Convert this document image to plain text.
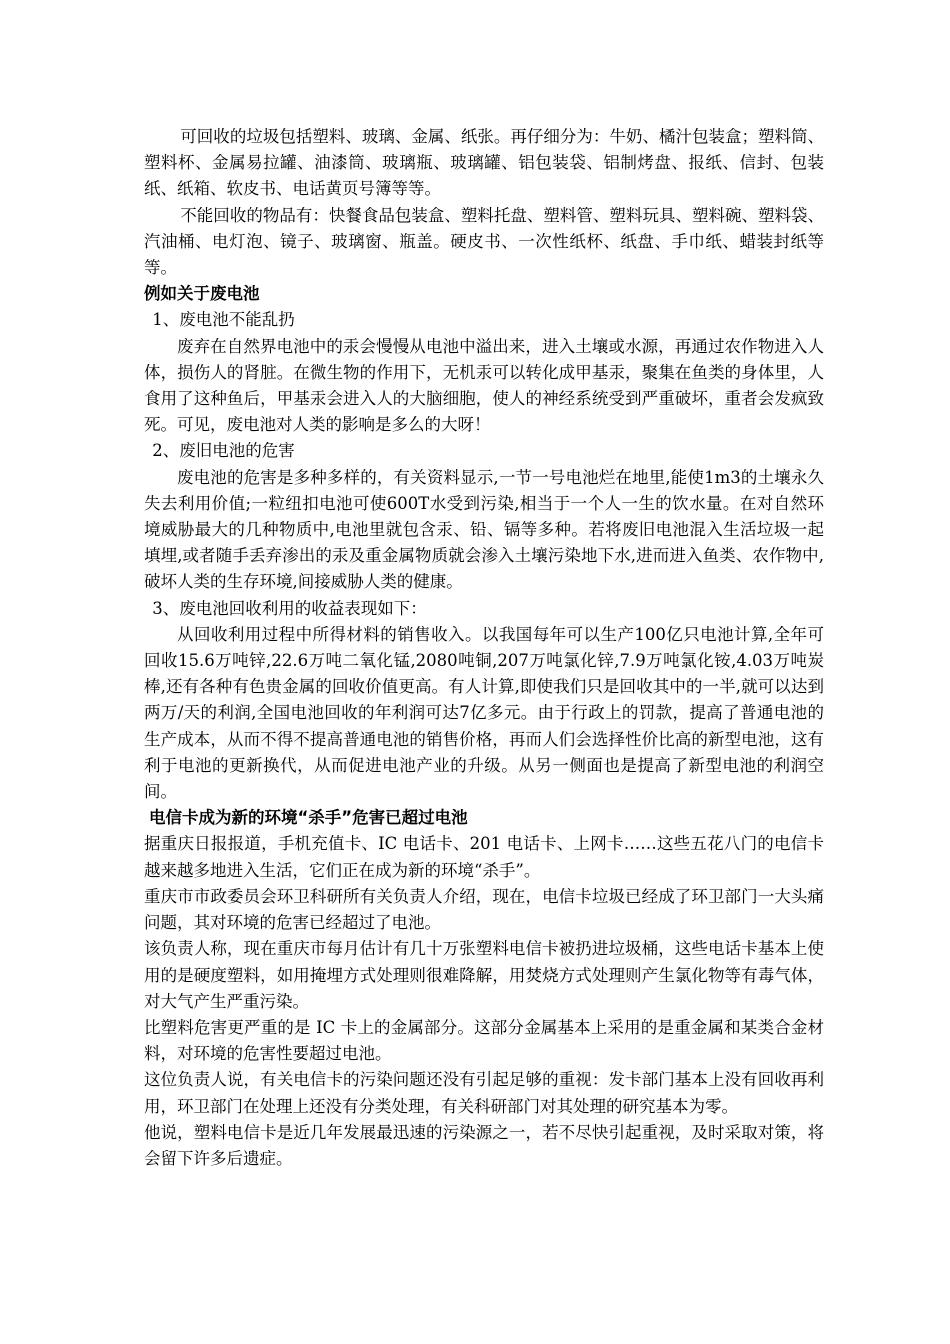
可回收的垃圾包括塑料、玻璃、金属、纸张。再仔细分为：牛奶、橘汁包装盒；塑料筒、塑料杯、金属易拉罐、油漆筒、玻璃瓶、玻璃罐、铝包装袋、铝制烤盘、报纸、信封、包装纸、纸箱、软皮书、电话黄页号簿等等。

不能回收的物品有：快餐食品包装盒、塑料托盘、塑料管、塑料玩具、塑料碗、塑料袋、汽油桶、电灯泡、镜子、玻璃窗、瓶盖。硬皮书、一次性纸杯、纸盘、手巾纸、蜡装封纸等等。

例如关于废电池

1、废电池不能乱扔

废弃在自然界电池中的汞会慢慢从电池中溢出来，进入土壤或水源，再通过农作物进入人体，损伤人的肾脏。在微生物的作用下，无机汞可以转化成甲基汞，聚集在鱼类的身体里，人食用了这种鱼后，甲基汞会进入人的大脑细胞，使人的神经系统受到严重破坏，重者会发疯致死。可见，废电池对人类的影响是多么的大呀！

2、废旧电池的危害

废电池的危害是多种多样的，有关资料显示,一节一号电池烂在地里,能使1m3的土壤永久失去利用价值;一粒纽扣电池可使600T水受到污染,相当于一个人一生的饮水量。在对自然环境威胁最大的几种物质中,电池里就包含汞、铅、镉等多种。若将废旧电池混入生活垃圾一起填埋,或者随手丢弃渗出的汞及重金属物质就会渗入土壤污染地下水,进而进入鱼类、农作物中,破坏人类的生存环境,间接威胁人类的健康。

3、废电池回收利用的收益表现如下：

从回收利用过程中所得材料的销售收入。以我国每年可以生产100亿只电池计算,全年可回收15.6万吨锌,22.6万吨二氧化锰,2080吨铜,207万吨氯化锌,7.9万吨氯化铵,4.03万吨炭棒,还有各种有色贵金属的回收价值更高。有人计算,即使我们只是回收其中的一半,就可以达到两万/天的利润,全国电池回收的年利润可达7亿多元。由于行政上的罚款，提高了普通电池的生产成本，从而不得不提高普通电池的销售价格，再而人们会选择性价比高的新型电池，这有利于电池的更新换代，从而促进电池产业的升级。从另一侧面也是提高了新型电池的利润空间。

电信卡成为新的环境“杀手”危害已超过电池

据重庆日报报道，手机充值卡、IC 电话卡、201 电话卡、上网卡……这些五花八门的电信卡越来越多地进入生活，它们正在成为新的环境“杀手”。

重庆市市政委员会环卫科研所有关负责人介绍，现在，电信卡垃圾已经成了环卫部门一大头痛问题，其对环境的危害已经超过了电池。

该负责人称，现在重庆市每月估计有几十万张塑料电信卡被扔进垃圾桶，这些电话卡基本上使用的是硬度塑料，如用掩埋方式处理则很难降解，用焚烧方式处理则产生氯化物等有毒气体，对大气产生严重污染。

比塑料危害更严重的是 IC 卡上的金属部分。这部分金属基本上采用的是重金属和某类合金材料，对环境的危害性要超过电池。

这位负责人说，有关电信卡的污染问题还没有引起足够的重视：发卡部门基本上没有回收再利用，环卫部门在处理上还没有分类处理，有关科研部门对其处理的研究基本为零。

他说，塑料电信卡是近几年发展最迅速的污染源之一，若不尽快引起重视，及时采取对策，将会留下许多后遗症。
